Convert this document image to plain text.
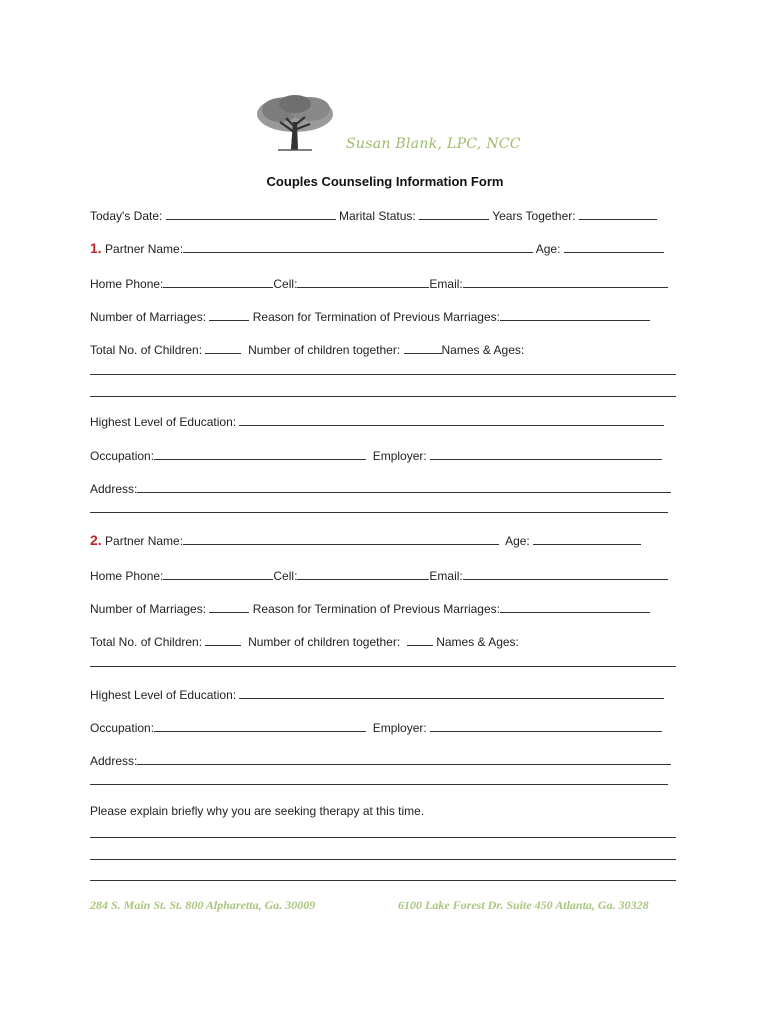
Susan Blank, LPC, NCC
Couples Counseling Information Form
Today's Date:	Marital Status:	Years Together:
1. Partner Name:	Age:
Home Phone:	Cell:	Email:
Number of Marriages:	Reason for Termination of Previous Marriages:
Total No. of Children:	Number of children together:	Names & Ages:
Highest Level of Education:
Occupation:	Employer:
Address:
2. Partner Name:	Age:
Home Phone:	Cell:	Email:
Number of Marriages:	Reason for Termination of Previous Marriages:
Total No. of Children:	Number of children together:	Names & Ages:
Highest Level of Education:
Occupation:	Employer:
Address:
Please explain briefly why you are seeking therapy at this time.
284 S. Main St. St. 800 Alpharetta, Ga. 30009	6100 Lake Forest Dr. Suite 450 Atlanta, Ga. 30328
